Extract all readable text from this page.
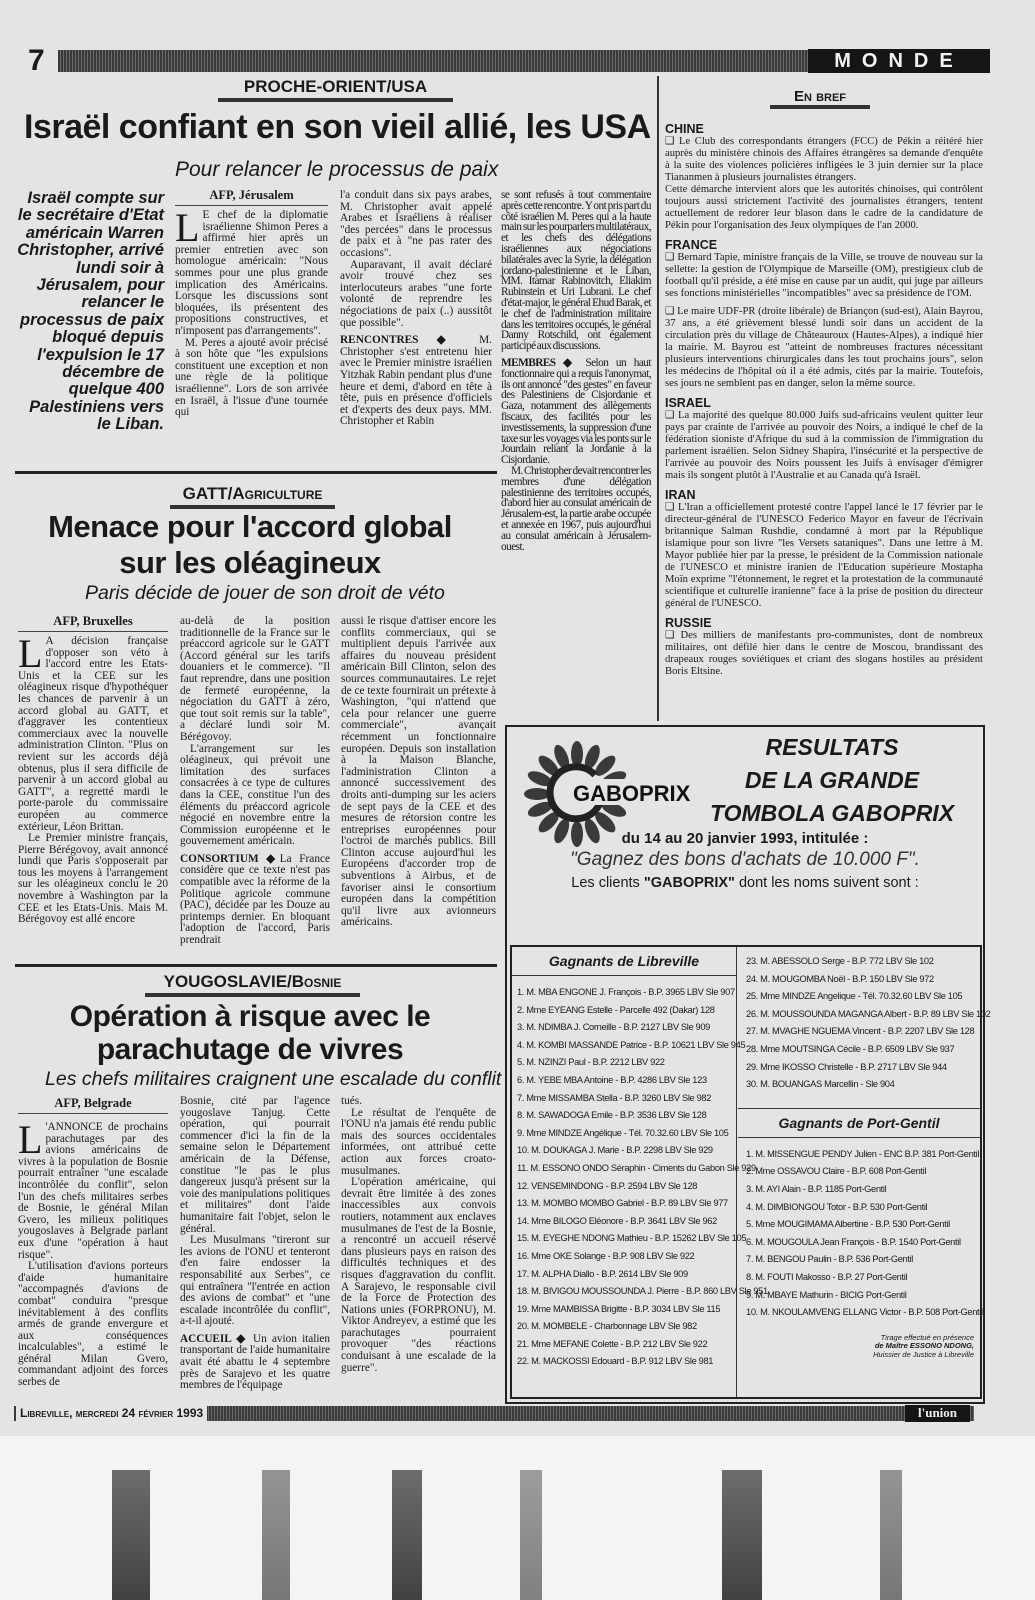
7	MONDE
PROCHE-ORIENT/USA
Israël confiant en son vieil allié, les USA
Pour relancer le processus de paix
Israël compte sur le secrétaire d'Etat américain Warren Christopher, arrivé lundi soir à Jérusalem, pour relancer le processus de paix bloqué depuis l'expulsion le 17 décembre de quelque 400 Palestiniens vers le Liban.
AFP, Jérusalem
L E chef de la diplomatie israélienne Shimon Peres a affirmé hier après un premier entretien avec son homologue américain: "Nous sommes pour une plus grande implication des Américains. Lorsque les discussions sont bloquées, ils présentent des propositions constructives, et n'imposent pas d'arrangements".

M. Peres a ajouté avoir précisé à son hôte que "les expulsions constituent une exception et non une règle de la politique israélienne". Lors de son arrivée en Israël, à l'issue d'une tournée qui

l'a conduit dans six pays arabes, M. Christopher avait appelé Arabes et Israéliens à réaliser "des percées" dans le processus de paix et à "ne pas rater des occasions".

Auparavant, il avait déclaré avoir trouvé chez ses interlocuteurs arabes "une forte volonté de reprendre les négociations de paix (..) aussitôt que possible".

RENCONTRES ◆ M. Christopher s'est entretenu hier avec le Premier ministre israélien Yitzhak Rabin pendant plus d'une heure et demi, d'abord en tête à tête, puis en présence d'officiels et d'experts des deux pays. MM. Christopher et Rabin

se sont refusés à tout commentaire après cette rencontre. Y ont pris part du côté israélien M. Peres qui a la haute main sur les pourparlers multilatéraux, et les chefs des délégations israéliennes aux négociations bilatérales avec la Syrie, la délégation jordano-palestinienne et le Liban, MM. Itamar Rabinovitch, Eliakim Rubinstein et Uri Lubrani. Le chef d'état-major, le général Ehud Barak, et le chef de l'administration militaire dans les territoires occupés, le général Danny Rotschild, ont également participé aux discussions.

MEMBRES ◆ Selon un haut fonctionnaire qui a requis l'anonymat, ils ont annoncé "des gestes" en faveur des Palestiniens de Cisjordanie et Gaza, notamment des allègements fiscaux, des facilités pour les investissements, la suppression d'une taxe sur les voyages via les ponts sur le Jourdain reliant la Jordanie à la Cisjordanie.

M. Christopher devait rencontrer les membres d'une délégation palestinienne des territoires occupés, d'abord hier au consulat américain de Jérusalem-est, la partie arabe occupée et annexée en 1967, puis aujourd'hui au consulat américain à Jérusalem-ouest.

En bref
CHINE

❑ Le Club des correspondants étrangers (FCC) de Pékin a réitéré hier auprès du ministère chinois des Affaires étrangères sa demande d'enquête à la suite des violences policières infligées le 3 juin dernier sur la place Tiananmen à plusieurs journalistes étrangers.
Cette démarche intervient alors que les autorités chinoises, qui contrôlent toujours aussi strictement l'activité des journalistes étrangers, tentent actuellement de redorer leur blason dans le cadre de la candidature de Pékin pour l'organisation des Jeux olympiques de l'an 2000.

FRANCE

❑ Bernard Tapie, ministre français de la Ville, se trouve de nouveau sur la sellette: la gestion de l'Olympique de Marseille (OM), prestigieux club de football qu'il préside, a été mise en cause par un audit, qui juge par ailleurs ses fonctions ministérielles "incompatibles" avec sa présidence de l'OM.

❑ Le maire UDF-PR (droite libérale) de Briançon (sud-est), Alain Bayrou, 37 ans, a été grièvement blessé lundi soir dans un accident de la circulation près du village de Châteauroux (Hautes-Alpes), a indiqué hier la mairie. M. Bayrou est "atteint de nombreuses fractures nécessitant plusieurs interventions chirurgicales dans les tout prochains jours", selon les médecins de l'hôpital où il a été admis, cités par la mairie. Toutefois, ses jours ne semblent pas en danger, selon la même source.

ISRAEL

❑ La majorité des quelque 80.000 Juifs sud-africains veulent quitter leur pays par crainte de l'arrivée au pouvoir des Noirs, a indiqué le chef de la fédération sioniste d'Afrique du sud à la commission de l'immigration du parlement israélien. Selon Sidney Shapira, l'insécurité et la perspective de l'arrivée au pouvoir des Noirs poussent les Juifs à envisager d'émigrer mais ils songent plutôt à l'Australie et au Canada qu'à Israël.

IRAN

❑ L'Iran a officiellement protesté contre l'appel lancé le 17 février par le directeur-général de l'UNESCO Federico Mayor en faveur de l'écrivain britannique Salman Rushdie, condamné à mort par la République islamique pour son livre "les Versets sataniques". Dans une lettre à M. Mayor publiée hier par la presse, le président de la Commission nationale de l'UNESCO et ministre iranien de l'Education supérieure Mostapha Moïn exprime "l'étonnement, le regret et la protestation de la communauté scientifique et culturelle iranienne" face à la prise de position du directeur général de l'UNESCO.

RUSSIE

❑ Des milliers de manifestants pro-communistes, dont de nombreux militaires, ont défilé hier dans le centre de Moscou, brandissant des drapeaux rouges soviétiques et criant des slogans hostiles au président Boris Eltsine.

GATT/Agriculture
Menace pour l'accord global
sur les oléagineux
Paris décide de jouer de son droit de véto
AFP, Bruxelles
L A décision française d'opposer son véto à l'accord entre les Etats-Unis et la CEE sur les oléagineux risque d'hypothéquer les chances de parvenir à un accord global au GATT, et d'aggraver les contentieux commerciaux avec la nouvelle administration Clinton. "Plus on revient sur les accords déjà obtenus, plus il sera difficile de parvenir à un accord global au GATT", a regretté mardi le porte-parole du commissaire européen au commerce extérieur, Léon Brittan.

Le Premier ministre français, Pierre Bérégovoy, avait annoncé lundi que Paris s'opposerait par tous les moyens à l'arrangement sur les oléagineux conclu le 20 novembre à Washington par la CEE et les Etats-Unis. Mais M. Bérégovoy est allé encore

au-delà de la position traditionnelle de la France sur le préaccord agricole sur le GATT (Accord général sur les tarifs douaniers et le commerce). "Il faut reprendre, dans une position de fermeté européenne, la négociation du GATT à zéro, que tout soit remis sur la table", a déclaré lundi soir M. Bérégovoy.

L'arrangement sur les oléagineux, qui prévoit une limitation des surfaces consacrées à ce type de cultures dans la CEE, constitue l'un des éléments du préaccord agricole négocié en novembre entre la Commission européenne et le gouvernement américain.

CONSORTIUM ◆La France considère que ce texte n'est pas compatible avec la réforme de la Politique agricole commune (PAC), décidée par les Douze au printemps dernier. En bloquant l'adoption de l'accord, Paris prendrait

aussi le risque d'attiser encore les conflits commerciaux, qui se multiplient depuis l'arrivée aux affaires du nouveau président américain Bill Clinton, selon des sources communautaires. Le rejet de ce texte fournirait un prétexte à Washington, "qui n'attend que cela pour relancer une guerre commerciale", avançait récemment un fonctionnaire européen. Depuis son installation à la Maison Blanche, l'administration Clinton a annoncé successivement des droits anti-dumping sur les aciers de sept pays de la CEE et des mesures de rétorsion contre les entreprises européennes pour l'octroi de marchés publics. Bill Clinton accuse aujourd'hui les Européens d'accorder trop de subventions à Airbus, et de favoriser ainsi le consortium européen dans la compétition qu'il livre aux avionneurs américains.

YOUGOSLAVIE/Bosnie
Opération à risque avec le
parachutage de vivres
Les chefs militaires craignent une escalade du conflit
AFP, Belgrade
L 'ANNONCE de prochains parachutages par des avions américains de vivres à la population de Bosnie pourrait entraîner "une escalade incontrôlée du conflit", selon l'un des chefs militaires serbes de Bosnie, le général Milan Gvero, les milieux politiques yougoslaves à Belgrade parlant eux d'une "opération à haut risque".

L'utilisation d'avions porteurs d'aide humanitaire "accompagnés d'avions de combat" conduira "presque inévitablement à des conflits armés de grande envergure et aux conséquences incalculables", a estimé le général Milan Gvero, commandant adjoint des forces serbes de

Bosnie, cité par l'agence yougoslave Tanjug. Cette opération, qui pourrait commencer d'ici la fin de la semaine selon le Département américain de la Défense, constitue "le pas le plus dangereux jusqu'à présent sur la voie des manipulations politiques et militaires" dont l'aide humanitaire fait l'objet, selon le général.

Les Musulmans "tireront sur les avions de l'ONU et tenteront d'en faire endosser la responsabilité aux Serbes", ce qui entraînera "l'entrée en action des avions de combat" et "une escalade incontrôlée du conflit", a-t-il ajouté.

ACCUEIL ◆ Un avion italien transportant de l'aide humanitaire avait été abattu le 4 septembre près de Sarajevo et les quatre membres de l'équipage

tués.

Le résultat de l'enquête de l'ONU n'a jamais été rendu public mais des sources occidentales informées, ont attribué cette action aux forces croato-musulmanes.

L'opération américaine, qui devrait être limitée à des zones inaccessibles aux convois routiers, notamment aux enclaves musulmanes de l'est de la Bosnie, a rencontré un accueil réservé dans plusieurs pays en raison des difficultés techniques et des risques d'aggravation du conflit. A Sarajevo, le responsable civil de la Force de Protection des Nations unies (FORPRONU), M. Viktor Andreyev, a estimé que les parachutages pourraient provoquer "des réactions conduisant à une escalade de la guerre".

GABOPRIX
RESULTATS
DE LA GRANDE
TOMBOLA GABOPRIX
du 14 au 20 janvier 1993, intitulée :
"Gagnez des bons d'achats de 10.000 F".
Les clients "GABOPRIX" dont les noms suivent sont :
Gagnants de Libreville
1. M. MBA ENGONE J. François - B.P. 3965 LBV Sle 907
2. Mme EYEANG Estelle - Parcelle 492 (Dakar) 128
3. M. NDIMBA J. Corneille - B.P. 2127 LBV Sle 909
4. M. KOMBI MASSANDE Patrice - B.P. 10621 LBV Sle 945
5. M. NZINZI Paul - B.P. 2212 LBV 922
6. M. YEBE MBA Antoine - B.P. 4286 LBV Sle 123
7. Mme MISSAMBA Stella - B.P. 3260 LBV Sle 982
8. M. SAWADOGA Emile - B.P. 3536 LBV Sle 128
9. Mme MINDZE Angélique - Tél. 70.32.60 LBV Sle 105
10. M. DOUKAGA J. Marie - B.P. 2298 LBV Sle 929
11. M. ESSONO ONDO Séraphin - Ciments du Gabon Sle 929
12. VENSEMINDONG - B.P. 2594 LBV Sle 128
13. M. MOMBO MOMBO Gabriel - B.P. 89 LBV Sle 977
14. Mme BILOGO Eléonore - B.P. 3641 LBV Sle 962
15. M. EYEGHE NDONG Mathieu - B.P. 15262 LBV Sle 105
16. Mme OKE Solange - B.P. 908 LBV Sle 922
17. M. ALPHA Diallo - B.P. 2614 LBV Sle 909
18. M. BIVIGOU MOUSSOUNDA J. Pierre - B.P. 860 LBV Sle 951
19. Mme MAMBISSA Brigitte - B.P. 3034 LBV Sle 115
20. M. MOMBELE - Charbonnage LBV Sle 982
21. Mme MEFANE Colette - B.P. 212 LBV Sle 922
22. M. MACKOSSI Edouard - B.P. 912 LBV Sle 981
23. M. ABESSOLO Serge - B.P. 772 LBV Sle 102
24. M. MOUGOMBA Noël - B.P. 150 LBV Sle 972
25. Mme MINDZE Angelique - Tél. 70.32.60 LBV Sle 105
26. M. MOUSSOUNDA MAGANGA Albert - B.P. 89 LBV Sle 102
27. M. MVAGHE NGUEMA Vincent - B.P. 2207 LBV Sle 128
28. Mme MOUTSINGA Cécile - B.P. 6509 LBV Sle 937
29. Mme IKOSSO Christelle - B.P. 2717 LBV Sle 944
30. M. BOUANGAS Marcellin - Sle 904
Gagnants de Port-Gentil
1. M. MISSENGUE PENDY Julien - ENC B.P. 381 Port-Gentil
2. Mme OSSAVOU Claire - B.P. 608 Port-Gentil
3. M. AYI Alain - B.P. 1185 Port-Gentil
4. M. DIMBIONGOU Totor - B.P. 530 Port-Gentil
5. Mme MOUGIMAMA Albertine - B.P. 530 Port-Gentil
6. M. MOUGOULA Jean François - B.P. 1540 Port-Gentil
7. M. BENGOU Paulin - B.P. 536 Port-Gentil
8. M. FOUTI Makosso - B.P. 27 Port-Gentil
9. M. MBAYE Mathurin - BICIG Port-Gentil
10. M. NKOULAMVENG ELLANG Victor - B.P. 508 Port-Gentil
Tirage effectué en présence
de Maître ESSONO NDONG,
Huissier de Justice à Libreville
Libreville, mercredi 24 février 1993	l'union
